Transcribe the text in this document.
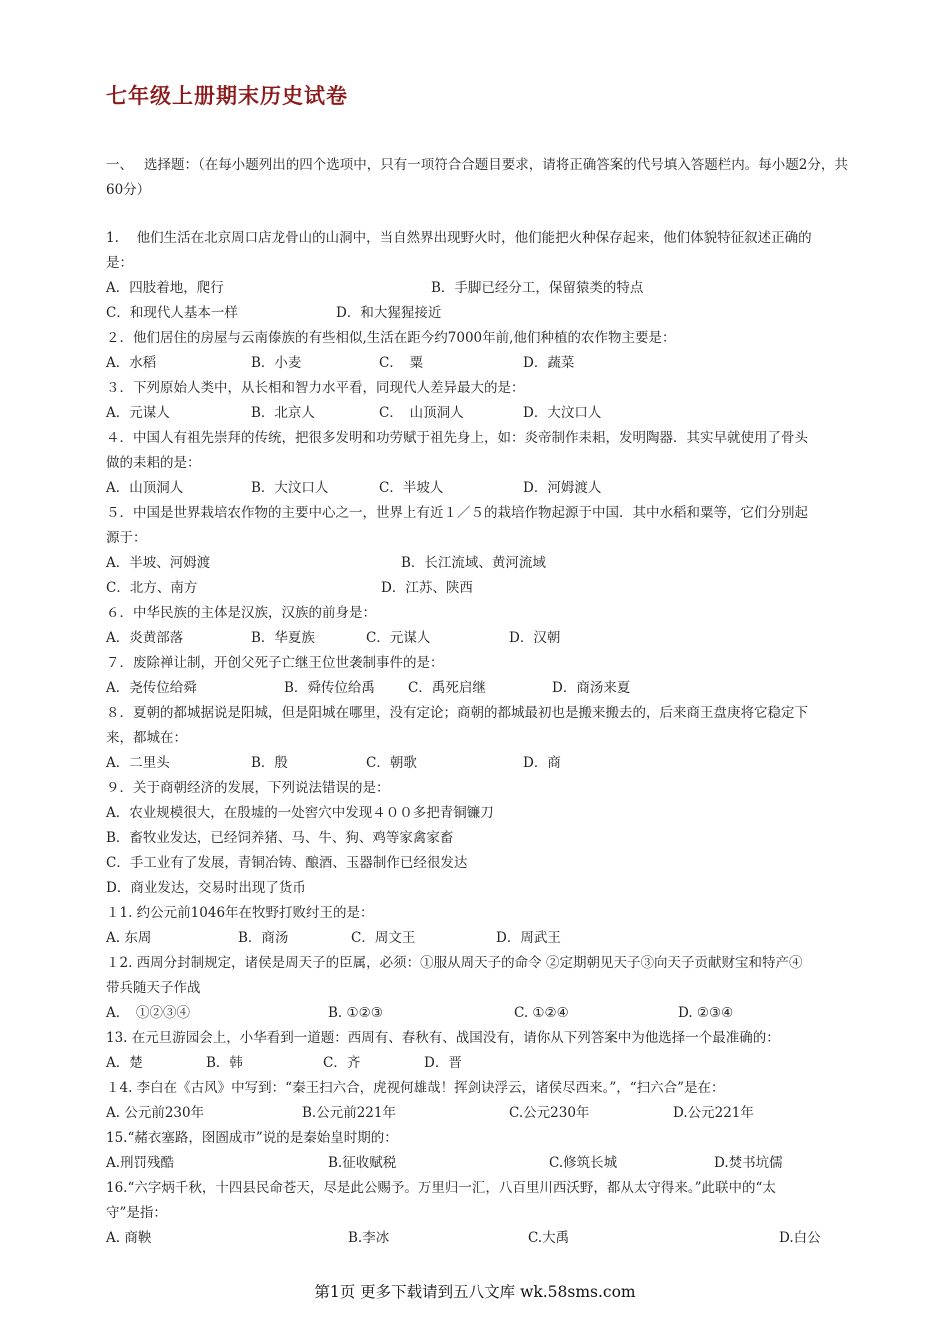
七年级上册期末历史试卷
一、　 选择题：（在每小题列出的四个选项中，只有一项符合合题目要求，请将正确答案的代号填入答题栏内。每小题2分，共60分）
1.　 他们生活在北京周口店龙骨山的山洞中，当自然界出现野火时，他们能把火种保存起来，他们体貌特征叙述正确的
是：
A．四肢着地，爬行	B．手脚已经分工，保留猿类的特点
C．和现代人基本一样	D．和大猩猩接近
２．他们居住的房屋与云南傣族的有些相似,生活在距今约7000年前,他们种植的农作物主要是：
A．水稻	B．小麦	C．　粟	D．蔬菜
３．下列原始人类中，从长相和智力水平看，同现代人差异最大的是：
A．元谋人	B．北京人	C．　山顶洞人	D．大汶口人
４．中国人有祖先崇拜的传统，把很多发明和功劳赋于祖先身上，如：炎帝制作耒耜，发明陶器．其实早就使用了骨头
做的耒耜的是：
A．山顶洞人	B．大汶口人	C．半坡人	D．河姆渡人
５．中国是世界栽培农作物的主要中心之一，世界上有近１／５的栽培作物起源于中国．其中水稻和粟等，它们分别起
源于：
A．半坡、河姆渡	B．长江流域、黄河流域
C．北方、南方	D．江苏、陕西
６．中华民族的主体是汉族，汉族的前身是：
A．炎黄部落	B．华夏族	C．元谋人	D．汉朝
７．废除禅让制，开创父死子亡继王位世袭制事件的是：
A．尧传位给舜	B．舜传位给禹 C．禹死启继	D．商汤来夏
８．夏朝的都城据说是阳城，但是阳城在哪里，没有定论；商朝的都城最初也是搬来搬去的，后来商王盘庚将它稳定下
来，都城在：
A．二里头	B．殷	C．朝歌	D．商
９．关于商朝经济的发展，下列说法错误的是：
A．农业规模很大，在殷墟的一处窖穴中发现４００多把青铜镰刀
B．畜牧业发达，已经饲养猪、马、牛、狗、鸡等家禽家畜
C．手工业有了发展，青铜冶铸、酿酒、玉器制作已经很发达
D．商业发达，交易时出现了货币
１1. 约公元前1046年在牧野打败纣王的是：
A. 东周	B．商汤	C．周文王	D．周武王
１2. 西周分封制规定，诸侯是周天子的臣属，必须：①服从周天子的命令 ②定期朝见天子③向天子贡献财宝和特产④
带兵随天子作战
A．　①②③④	B. ①②③	C. ①②④	D. ②③④
13. 在元旦游园会上，小华看到一道题：西周有、春秋有、战国没有，请你从下列答案中为他选择一个最准确的：
A．楚	B．韩	C．齐	D．晋
１4. 李白在《古风》中写到：“秦王扫六合，虎视何雄哉！挥剑诀浮云，诸侯尽西来。”，“扫六合”是在：
A. 公元前230年	B.公元前221年	C.公元230年	D.公元221年
15.“赭衣塞路，囹圄成市”说的是秦始皇时期的：
A.刑罚残酷	B.征收赋税	C.修筑长城	D.焚书坑儒
16.“六字炳千秋，十四县民命苍天，尽是此公赐予。万里归一汇，八百里川西沃野，都从太守得来。”此联中的“太
守”是指：
A. 商鞅	B.李冰	C.大禹	D.白公
第1页 更多下载请到五八文库 wk.58sms.com
